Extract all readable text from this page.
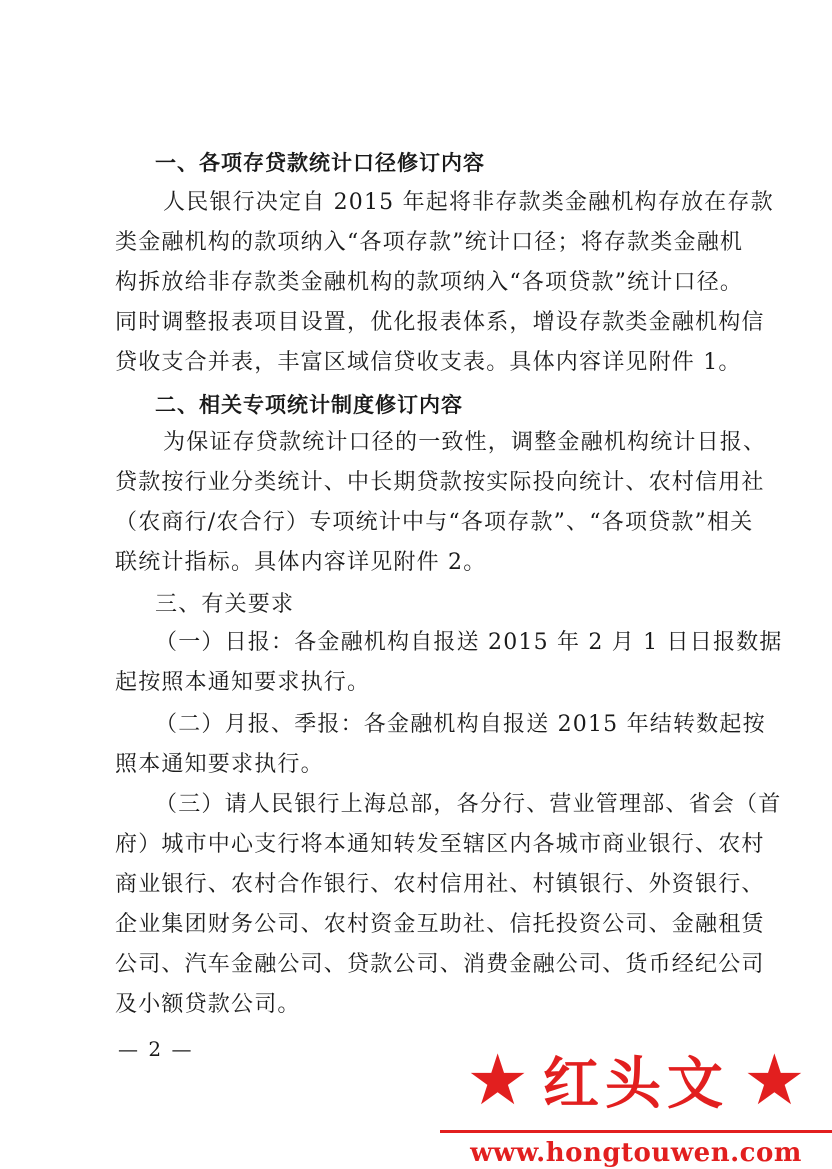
一、各项存贷款统计口径修订内容
人民银行决定自 2015 年起将非存款类金融机构存放在存款
类金融机构的款项纳入“各项存款”统计口径；将存款类金融机
构拆放给非存款类金融机构的款项纳入“各项贷款”统计口径。
同时调整报表项目设置，优化报表体系，增设存款类金融机构信
贷收支合并表，丰富区域信贷收支表。具体内容详见附件 1。
二、相关专项统计制度修订内容
为保证存贷款统计口径的一致性，调整金融机构统计日报、
贷款按行业分类统计、中长期贷款按实际投向统计、农村信用社
（农商行/农合行）专项统计中与“各项存款”、“各项贷款”相关
联统计指标。具体内容详见附件 2。
三、有关要求
（一）日报：各金融机构自报送 2015 年 2 月 1 日日报数据
起按照本通知要求执行。
（二）月报、季报：各金融机构自报送 2015 年结转数起按
照本通知要求执行。
（三）请人民银行上海总部，各分行、营业管理部、省会（首
府）城市中心支行将本通知转发至辖区内各城市商业银行、农村
商业银行、农村合作银行、农村信用社、村镇银行、外资银行、
企业集团财务公司、农村资金互助社、信托投资公司、金融租赁
公司、汽车金融公司、贷款公司、消费金融公司、货币经纪公司
及小额贷款公司。
— 2 —	★ 红头文 ★
www.hongtouwen.com
